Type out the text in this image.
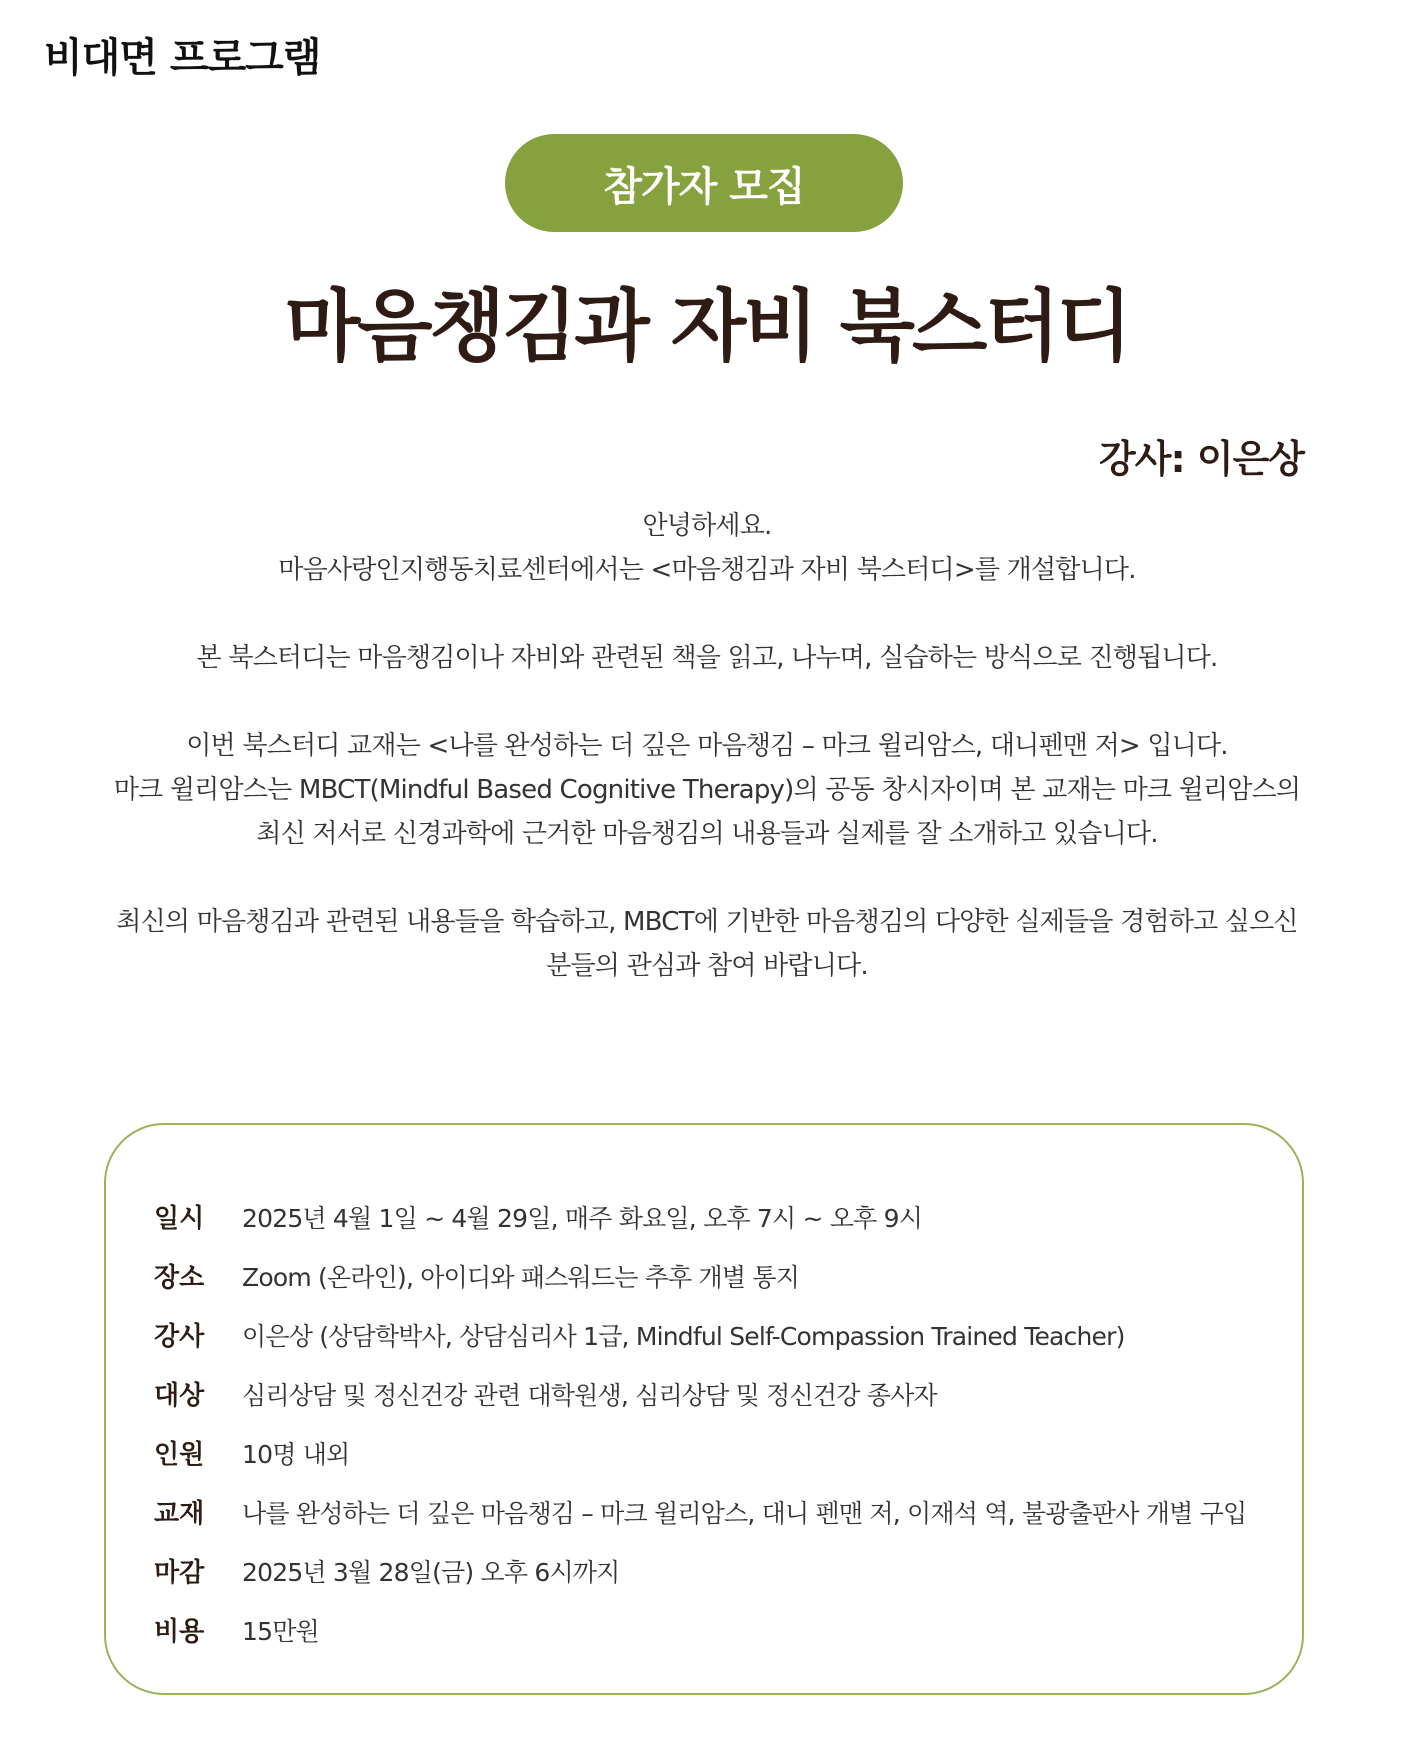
비대면 프로그램
참가자 모집
마음챙김과 자비 북스터디
강사: 이은상

안녕하세요.

마음사랑인지행동치료센터에서는 <마음챙김과 자비 북스터디>를 개설합니다.

본 북스터디는 마음챙김이나 자비와 관련된 책을 읽고, 나누며, 실습하는 방식으로 진행됩니다.

이번 북스터디 교재는 <나를 완성하는 더 깊은 마음챙김 – 마크 윌리암스, 대니펜맨 저> 입니다.

마크 윌리암스는 MBCT(Mindful Based Cognitive Therapy)의 공동 창시자이며 본 교재는 마크 윌리암스의

최신 저서로 신경과학에 근거한 마음챙김의 내용들과 실제를 잘 소개하고 있습니다.

최신의 마음챙김과 관련된 내용들을 학습하고, MBCT에 기반한 마음챙김의 다양한 실제들을 경험하고 싶으신

분들의 관심과 참여 바랍니다.

일시	2025년 4월 1일 ~ 4월 29일, 매주 화요일, 오후 7시 ~ 오후 9시
장소	Zoom (온라인), 아이디와 패스워드는 추후 개별 통지
강사	이은상 (상담학박사, 상담심리사 1급, Mindful Self-Compassion Trained Teacher)
대상	심리상담 및 정신건강 관련 대학원생, 심리상담 및 정신건강 종사자
인원	10명 내외
교재	나를 완성하는 더 깊은 마음챙김 – 마크 윌리암스, 대니 펜맨 저, 이재석 역, 불광출판사 개별 구입
마감	2025년 3월 28일(금) 오후 6시까지
비용	15만원
